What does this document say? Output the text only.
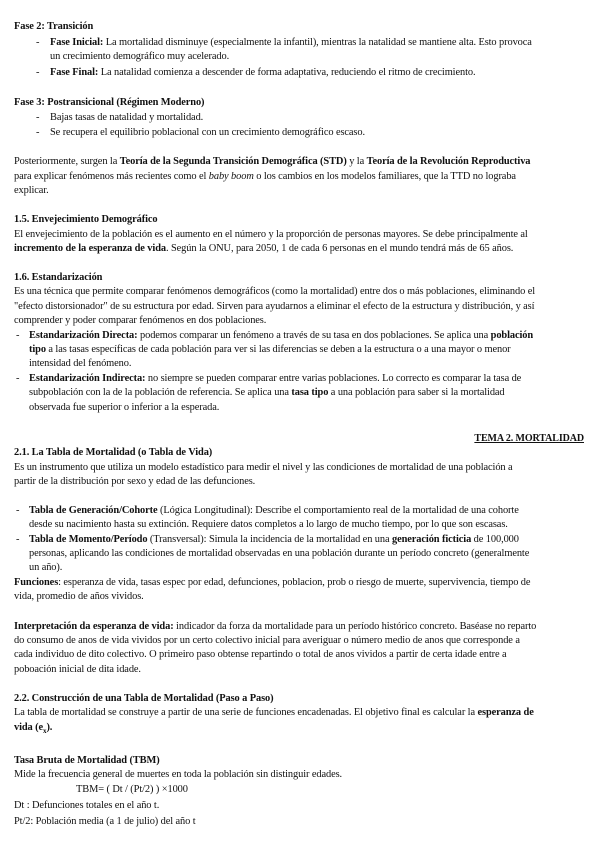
Fase 2: Transición
- Fase Inicial: La mortalidad disminuye (especialmente la infantil), mientras la natalidad se mantiene alta. Esto provoca
un crecimiento demográfico muy acelerado.
- Fase Final: La natalidad comienza a descender de forma adaptativa, reduciendo el ritmo de crecimiento.
Fase 3: Postransicional (Régimen Moderno)
- Bajas tasas de natalidad y mortalidad.
- Se recupera el equilibrio poblacional con un crecimiento demográfico escaso.
Posteriormente, surgen la Teoría de la Segunda Transición Demográfica (STD) y la Teoría de la Revolución Reproductiva
para explicar fenómenos más recientes como el baby boom o los cambios en los modelos familiares, que la TTD no lograba
explicar.
1.5. Envejecimiento Demográfico
El envejecimiento de la población es el aumento en el número y la proporción de personas mayores. Se debe principalmente al
incremento de la esperanza de vida. Según la ONU, para 2050, 1 de cada 6 personas en el mundo tendrá más de 65 años.
1.6. Estandarización
Es una técnica que permite comparar fenómenos demográficos (como la mortalidad) entre dos o más poblaciones, eliminando el
"efecto distorsionador" de su estructura por edad. Sirven para ayudarnos a eliminar el efecto de la estructura y distribución, y así
comprender y poder comparar fenómenos en dos poblaciones.
- Estandarización Directa: podemos comparar un fenómeno a través de su tasa en dos poblaciones. Se aplica una población
tipo a las tasas específicas de cada población para ver si las diferencias se deben a la estructura o a una mayor o menor
intensidad del fenómeno.
- Estandarización Indirecta: no siempre se pueden comparar entre varias poblaciones. Lo correcto es comparar la tasa de
subpoblación con la de la población de referencia. Se aplica una tasa tipo a una población para saber si la mortalidad
observada fue superior o inferior a la esperada.
TEMA 2. MORTALIDAD
2.1. La Tabla de Mortalidad (o Tabla de Vida)
Es un instrumento que utiliza un modelo estadístico para medir el nivel y las condiciones de mortalidad de una población a
partir de la distribución por sexo y edad de las defunciones.
- Tabla de Generación/Cohorte (Lógica Longitudinal): Describe el comportamiento real de la mortalidad de una cohorte
desde su nacimiento hasta su extinción. Requiere datos completos a lo largo de mucho tiempo, por lo que son escasas.
- Tabla de Momento/Período (Transversal): Simula la incidencia de la mortalidad en una generación ficticia de 100,000
personas, aplicando las condiciones de mortalidad observadas en una población durante un período concreto (generalmente
un año).
Funciones: esperanza de vida, tasas espec por edad, defunciones, poblacion, prob o riesgo de muerte, supervivencia, tiempo de
vida, promedio de años vividos.
Interpretación da esperanza de vida: indicador da forza da mortalidade para un período histórico concreto. Baséase no reparto
do consumo de anos de vida vividos por un certo colectivo inicial para averiguar o número medio de anos que corresponde a
cada individuo de dito colectivo. O primeiro paso obtense repartindo o total de anos vividos a partir de certa idade entre a
poboación inicial de dita idade.
2.2. Construcción de una Tabla de Mortalidad (Paso a Paso)
La tabla de mortalidad se construye a partir de una serie de funciones encadenadas. El objetivo final es calcular la esperanza de
vida $(e_x)$.
Tasa Bruta de Mortalidad (TBM)
Mide la frecuencia general de muertes en toda la población sin distinguir edades.
TBM= ( Dt / (Pt/2) ) ×1000
Dt : Defunciones totales en el año t.
Pt/2: Población media (a 1 de julio) del año t
